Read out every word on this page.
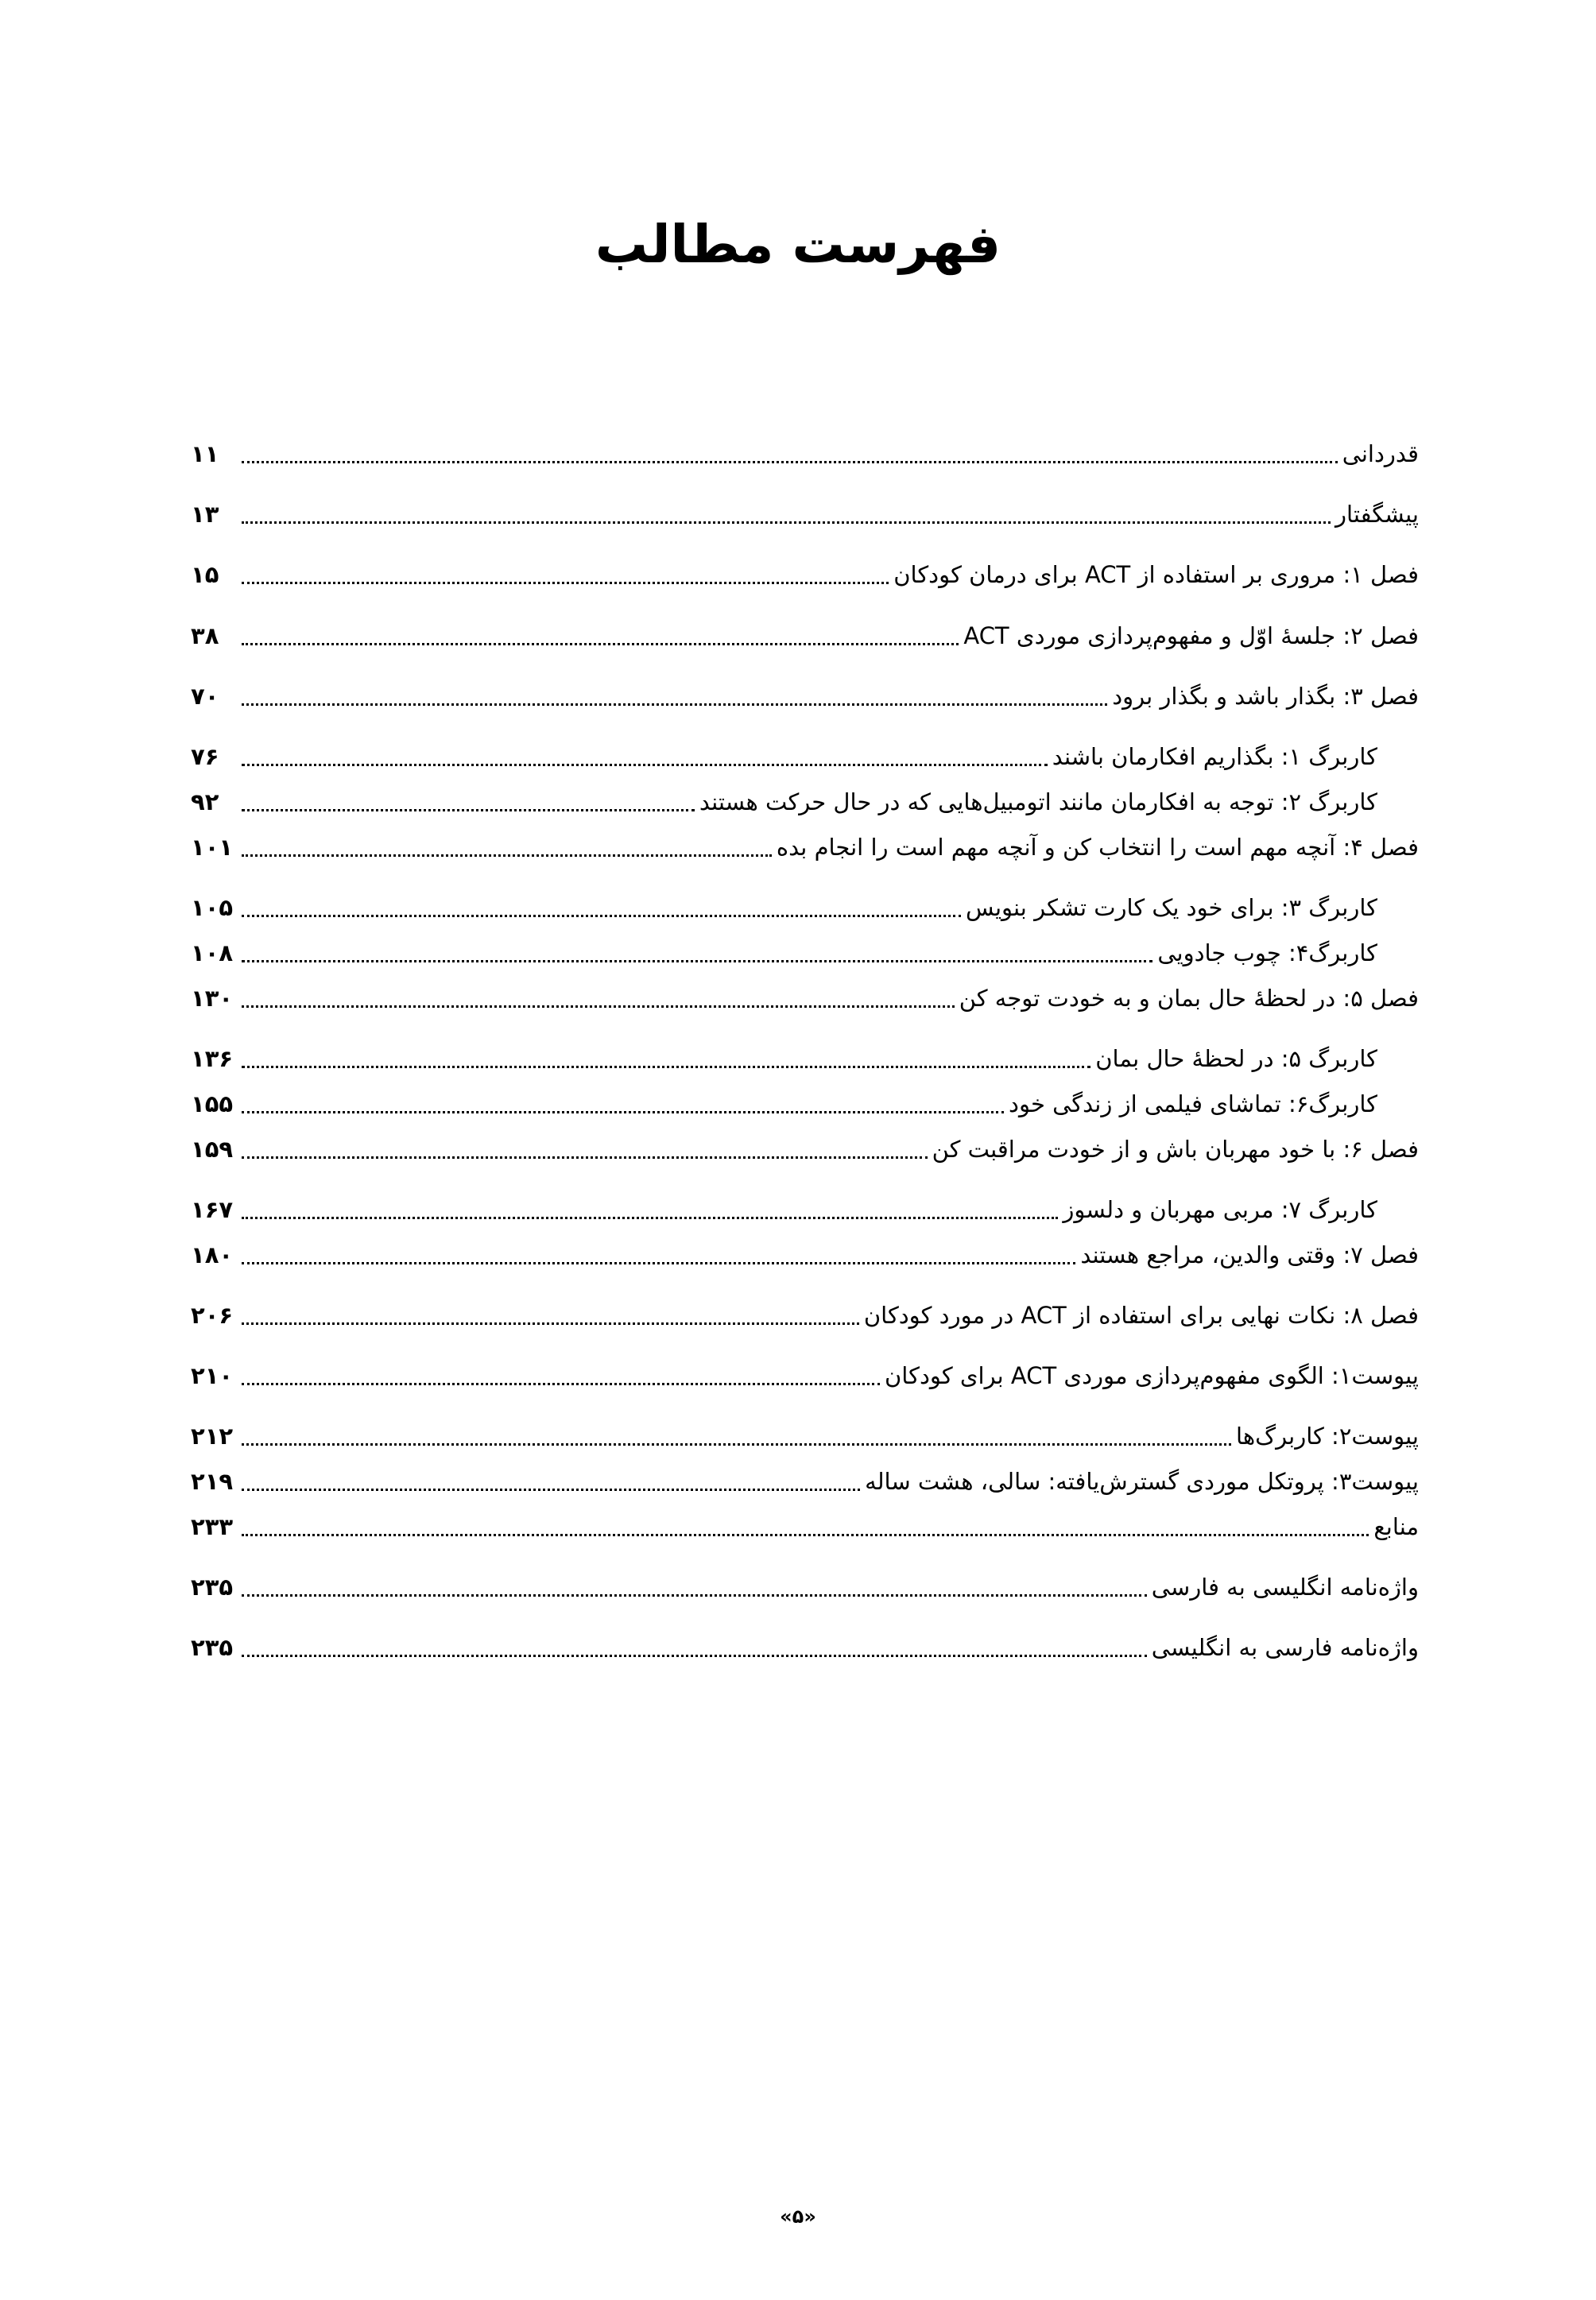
فهرست مطالب
قدردانی
۱۱
پیشگفتار
۱۳
فصل ۱: مروری بر استفاده از ACT برای درمان کودکان
۱۵
فصل ۲: جلسهٔ اوّل و مفهوم‌پردازی موردی ACT
۳۸
فصل ۳: بگذار باشد و بگذار برود
۷۰
کاربرگ ۱: بگذاریم افکارمان باشند
۷۶
کاربرگ ۲: توجه به افکارمان مانند اتومبیل‌هایی که در حال حرکت هستند
۹۲
فصل ۴: آنچه مهم است را انتخاب کن و آنچه مهم است را انجام بده
۱۰۱
کاربرگ ۳: برای خود یک کارت تشکر بنویس
۱۰۵
کاربرگ۴: چوب جادویی
۱۰۸
فصل ۵: در لحظهٔ حال بمان و به خودت توجه کن
۱۳۰
کاربرگ ۵: در لحظهٔ حال بمان
۱۳۶
کاربرگ۶: تماشای فیلمی از زندگی خود
۱۵۵
فصل ۶: با خود مهربان باش و از خودت مراقبت کن
۱۵۹
کاربرگ ۷: مربی مهربان و دلسوز
۱۶۷
فصل ۷: وقتی والدین، مراجع هستند
۱۸۰
فصل ۸: نکات نهایی برای استفاده از ACT در مورد کودکان
۲۰۶
پیوست۱: الگوی مفهوم‌پردازی موردی ACT برای کودکان
۲۱۰
پیوست۲: کاربرگ‌ها
۲۱۲
پیوست۳: پروتکل موردی گسترش‌یافته: سالی، هشت ساله
۲۱۹
منابع
۲۳۳
واژه‌نامه انگلیسی به فارسی
۲۳۵
واژه‌نامه فارسی به انگلیسی
۲۳۵
«۵»
